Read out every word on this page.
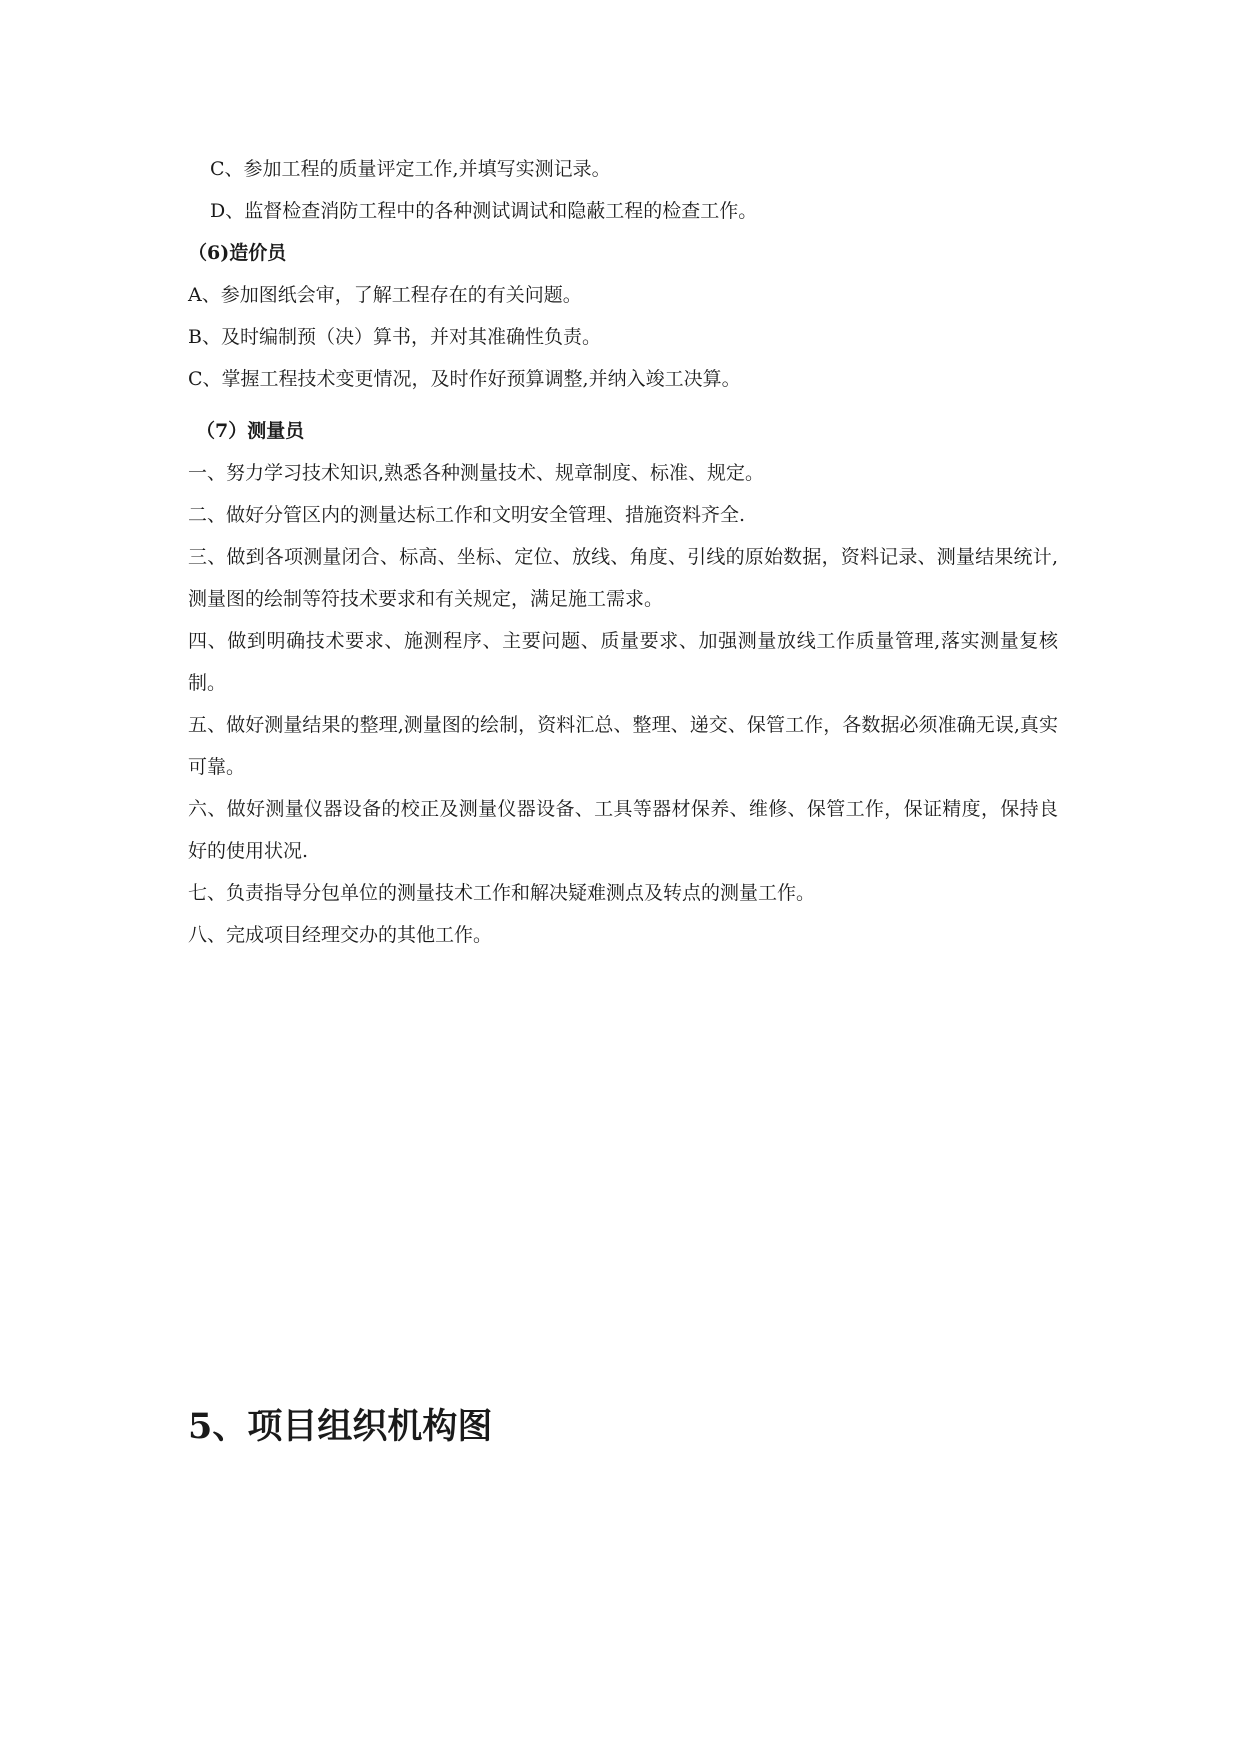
C、参加工程的质量评定工作,并填写实测记录。
D、监督检查消防工程中的各种测试调试和隐蔽工程的检查工作。
（6)造价员
A、参加图纸会审，了解工程存在的有关问题。
B、及时编制预（决）算书，并对其准确性负责。
C、掌握工程技术变更情况，及时作好预算调整,并纳入竣工决算。
（7）测量员
一、努力学习技术知识,熟悉各种测量技术、规章制度、标准、规定。
二、做好分管区内的测量达标工作和文明安全管理、措施资料齐全.
三、做到各项测量闭合、标高、坐标、定位、放线、角度、引线的原始数据，资料记录、测量结果统计,测量图的绘制等符技术要求和有关规定，满足施工需求。
四、做到明确技术要求、施测程序、主要问题、质量要求、加强测量放线工作质量管理,落实测量复核制。
五、做好测量结果的整理,测量图的绘制，资料汇总、整理、递交、保管工作，各数据必须准确无误,真实可靠。
六、做好测量仪器设备的校正及测量仪器设备、工具等器材保养、维修、保管工作，保证精度，保持良好的使用状况.
七、负责指导分包单位的测量技术工作和解决疑难测点及转点的测量工作。
八、完成项目经理交办的其他工作。
5、项目组织机构图
